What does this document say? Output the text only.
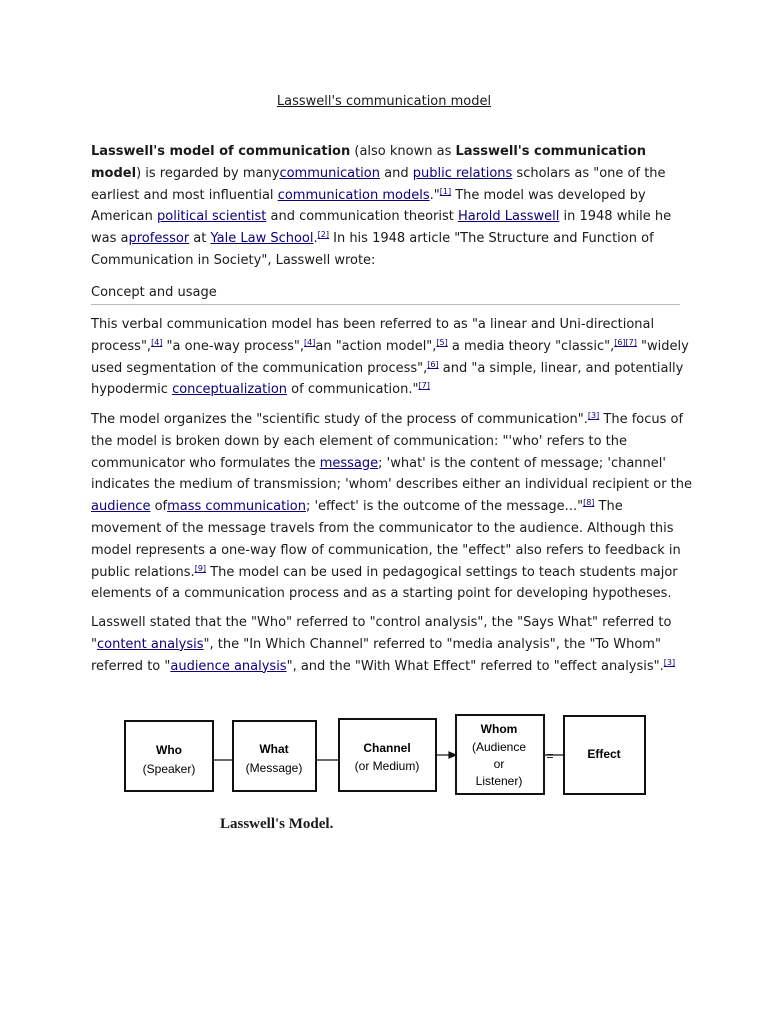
Lasswell's communication model

Lasswell's model of communication (also known as Lasswell's communication model) is regarded by manycommunication and public relations scholars as "one of the earliest and most influential communication models."[1] The model was developed by American political scientist and communication theorist Harold Lasswell in 1948 while he was aprofessor at Yale Law School.[2] In his 1948 article "The Structure and Function of Communication in Society", Lasswell wrote:

Concept and usage

This verbal communication model has been referred to as "a linear and Uni-directional process",[4] "a one-way process",[4]an "action model",[5] a media theory "classic",[6][7] "widely used segmentation of the communication process",[6] and "a simple, linear, and potentially hypodermic conceptualization of communication."[7]

The model organizes the "scientific study of the process of communication".[3] The focus of the model is broken down by each element of communication: "'who' refers to the communicator who formulates the message; 'what' is the content of message; 'channel' indicates the medium of transmission; 'whom' describes either an individual recipient or the audience ofmass communication; 'effect' is the outcome of the message..."[8] The movement of the message travels from the communicator to the audience. Although this model represents a one-way flow of communication, the "effect" also refers to feedback in public relations.[9] The model can be used in pedagogical settings to teach students major elements of a communication process and as a starting point for developing hypotheses.

Lasswell stated that the "Who" referred to "control analysis", the "Says What" referred to "content analysis", the "In Which Channel" referred to "media analysis", the "To Whom" referred to "audience analysis", and the "With What Effect" referred to "effect analysis".[3]

Who
(Speaker)
What
(Message)
Channel
(or Medium)
Whom
(Audience
or
Listener)
=	Effect
Lasswell's Model.
